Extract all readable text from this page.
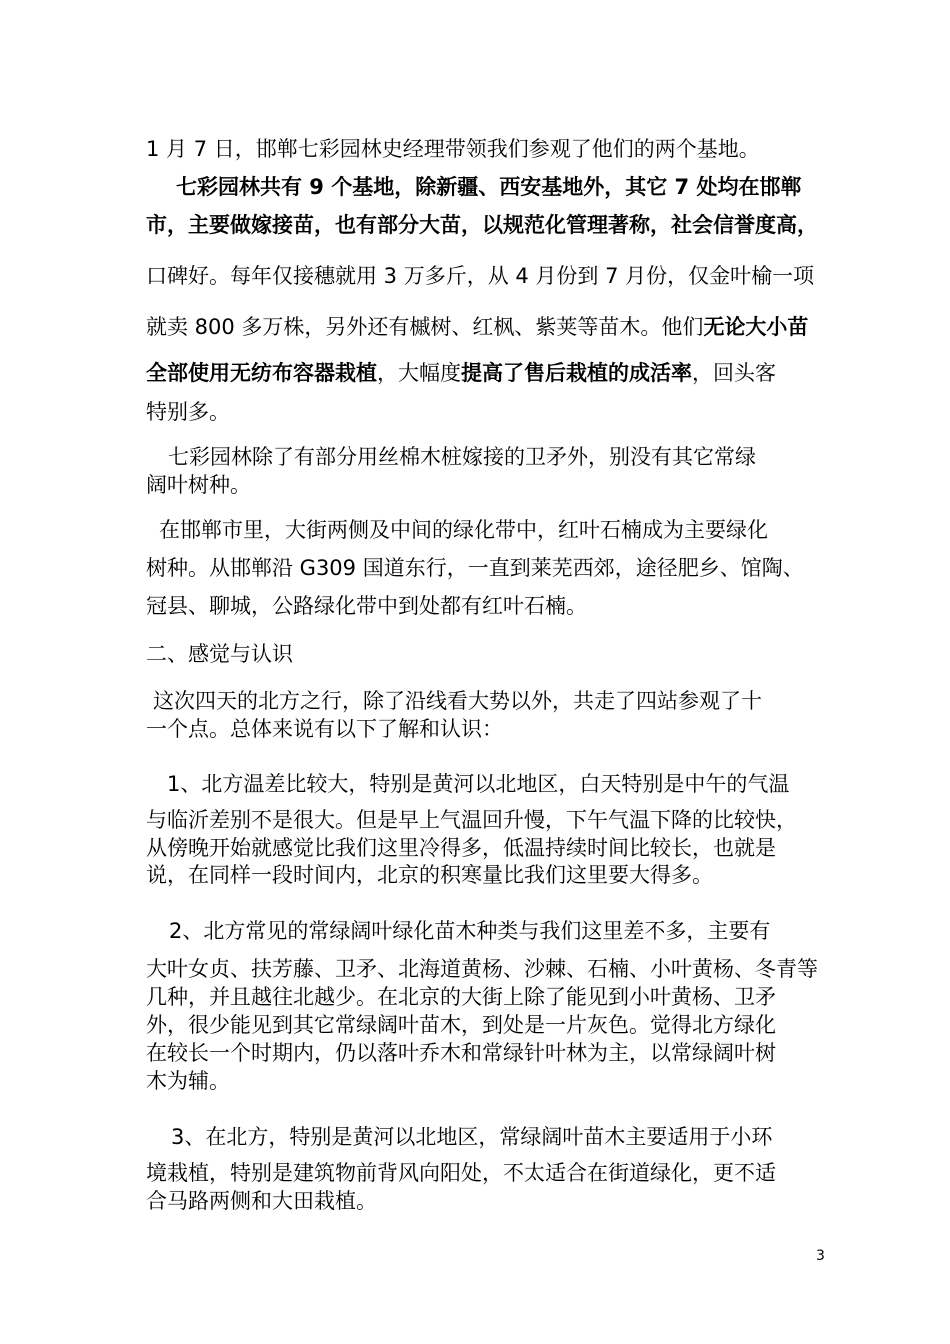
1 月 7 日，邯郸七彩园林史经理带领我们参观了他们的两个基地。
七彩园林共有 9 个基地，除新疆、西安基地外，其它 7 处均在邯郸
市，主要做嫁接苗，也有部分大苗，以规范化管理著称，社会信誉度高，
口碑好。每年仅接穗就用 3 万多斤，从 4 月份到 7 月份，仅金叶榆一项
就卖 800 多万株，另外还有槭树、红枫、紫荚等苗木。他们无论大小苗
全部使用无纺布容器栽植，大幅度提高了售后栽植的成活率，回头客
特别多。
七彩园林除了有部分用丝棉木桩嫁接的卫矛外，别没有其它常绿
阔叶树种。
在邯郸市里，大街两侧及中间的绿化带中，红叶石楠成为主要绿化
树种。从邯郸沿 G309 国道东行，一直到莱芜西郊，途径肥乡、馆陶、
冠县、聊城，公路绿化带中到处都有红叶石楠。
二、感觉与认识
这次四天的北方之行，除了沿线看大势以外，共走了四站参观了十
一个点。总体来说有以下了解和认识：
1、北方温差比较大，特别是黄河以北地区，白天特别是中午的气温
与临沂差别不是很大。但是早上气温回升慢，下午气温下降的比较快，
从傍晚开始就感觉比我们这里冷得多，低温持续时间比较长，也就是
说，在同样一段时间内，北京的积寒量比我们这里要大得多。
2、北方常见的常绿阔叶绿化苗木种类与我们这里差不多，主要有
大叶女贞、扶芳藤、卫矛、北海道黄杨、沙棘、石楠、小叶黄杨、冬青等
几种，并且越往北越少。在北京的大街上除了能见到小叶黄杨、卫矛
外，很少能见到其它常绿阔叶苗木，到处是一片灰色。觉得北方绿化
在较长一个时期内，仍以落叶乔木和常绿针叶林为主，以常绿阔叶树
木为辅。
3、在北方，特别是黄河以北地区，常绿阔叶苗木主要适用于小环
境栽植，特别是建筑物前背风向阳处，不太适合在街道绿化，更不适
合马路两侧和大田栽植。
3
